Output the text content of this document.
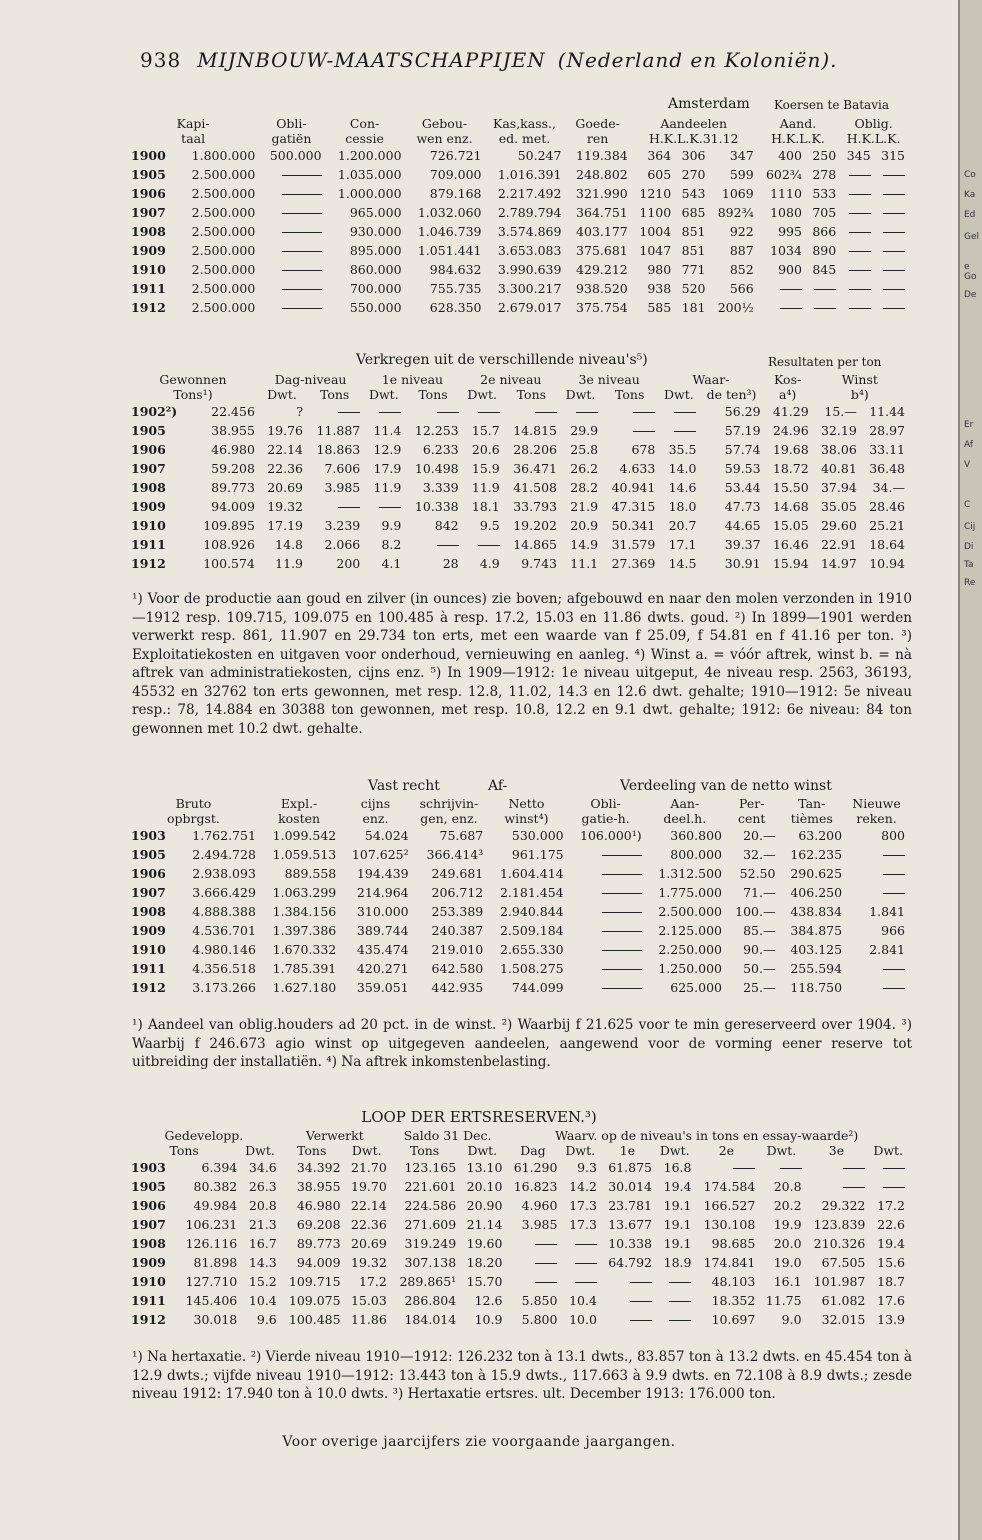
938 MIJNBOUW-MAATSCHAPPIJEN (Nederland en Koloniën).
Amsterdam Koersen te Batavia
Kapi-		Obli-	Con-	Gebou-	Kas,kass.,	Goede-	Aandeelen			Aand.		Oblig.	
taal		gatiën	cessie	wen enz.	ed. met.	ren	H.K.L.K.31.12			H.K.L.K.		H.K.L.K.	
1900	1.800.000	500.000	1.200.000	726.721	50.247	119.384	364	306	347	400	250	345	315
1905	2.500.000		1.035.000	709.000	1.016.391	248.802	605	270	599	602¾	278		
1906	2.500.000		1.000.000	879.168	2.217.492	321.990	1210	543	1069	1110	533		
1907	2.500.000		965.000	1.032.060	2.789.794	364.751	1100	685	892¾	1080	705		
1908	2.500.000		930.000	1.046.739	3.574.869	403.177	1004	851	922	995	866		
1909	2.500.000		895.000	1.051.441	3.653.083	375.681	1047	851	887	1034	890		
1910	2.500.000		860.000	984.632	3.990.639	429.212	980	771	852	900	845		
1911	2.500.000		700.000	755.735	3.300.217	938.520	938	520	566				
1912	2.500.000		550.000	628.350	2.679.017	375.754	585	181	200½				
Verkregen uit de verschillende niveau's⁵)	Resultaten per ton
Gewonnen		Dag-niveau		1e niveau		2e niveau		3e niveau		Waar-		Kos-	Winst	
Tons¹)		Dwt.	Tons	Dwt.	Tons	Dwt.	Tons	Dwt.	Tons	Dwt.	de ten³)	a⁴)	b⁴)	
1902²)	22.456	?									56.29	41.29	15.—	11.44
1905	38.955	19.76	11.887	11.4	12.253	15.7	14.815	29.9			57.19	24.96	32.19	28.97
1906	46.980	22.14	18.863	12.9	6.233	20.6	28.206	25.8	678	35.5	57.74	19.68	38.06	33.11
1907	59.208	22.36	7.606	17.9	10.498	15.9	36.471	26.2	4.633	14.0	59.53	18.72	40.81	36.48
1908	89.773	20.69	3.985	11.9	3.339	11.9	41.508	28.2	40.941	14.6	53.44	15.50	37.94	34.—
1909	94.009	19.32			10.338	18.1	33.793	21.9	47.315	18.0	47.73	14.68	35.05	28.46
1910	109.895	17.19	3.239	9.9	842	9.5	19.202	20.9	50.341	20.7	44.65	15.05	29.60	25.21
1911	108.926	14.8	2.066	8.2			14.865	14.9	31.579	17.1	39.37	16.46	22.91	18.64
1912	100.574	11.9	200	4.1	28	4.9	9.743	11.1	27.369	14.5	30.91	15.94	14.97	10.94
¹) Voor de productie aan goud en zilver (in ounces) zie boven; afgebouwd en naar den molen verzonden in 1910—1912 resp. 109.715, 109.075 en 100.485 à resp. 17.2, 15.03 en 11.86 dwts. goud. ²) In 1899—1901 werden verwerkt resp. 861, 11.907 en 29.734 ton erts, met een waarde van f 25.09, f 54.81 en f 41.16 per ton. ³) Exploitatiekosten en uitgaven voor onderhoud, vernieuwing en aanleg. ⁴) Winst a. = vóór aftrek, winst b. = nà aftrek van administratiekosten, cijns enz. ⁵) In 1909—1912: 1e niveau uitgeput, 4e niveau resp. 2563, 36193, 45532 en 32762 ton erts gewonnen, met resp. 12.8, 11.02, 14.3 en 12.6 dwt. gehalte; 1910—1912: 5e niveau resp.: 78, 14.884 en 30388 ton gewonnen, met resp. 10.8, 12.2 en 9.1 dwt. gehalte; 1912: 6e niveau: 84 ton gewonnen met 10.2 dwt. gehalte.
Vast recht	Af-	Verdeeling van de netto winst
Bruto		Expl.-	cijns	schrijvin-	Netto	Obli-	Aan-	Per-	Tan-	Nieuwe
opbrgst.		kosten	enz.	gen, enz.	winst⁴)	gatie-h.	deel.h.	cent	tièmes	reken.
1903	1.762.751	1.099.542	54.024	75.687	530.000	106.000¹)	360.800	20.—	63.200	800
1905	2.494.728	1.059.513	107.625²	366.414³	961.175		800.000	32.—	162.235	
1906	2.938.093	889.558	194.439	249.681	1.604.414		1.312.500	52.50	290.625	
1907	3.666.429	1.063.299	214.964	206.712	2.181.454		1.775.000	71.—	406.250	
1908	4.888.388	1.384.156	310.000	253.389	2.940.844		2.500.000	100.—	438.834	1.841
1909	4.536.701	1.397.386	389.744	240.387	2.509.184		2.125.000	85.—	384.875	966
1910	4.980.146	1.670.332	435.474	219.010	2.655.330		2.250.000	90.—	403.125	2.841
1911	4.356.518	1.785.391	420.271	642.580	1.508.275		1.250.000	50.—	255.594	
1912	3.173.266	1.627.180	359.051	442.935	744.099		625.000	25.—	118.750	
¹) Aandeel van oblig.houders ad 20 pct. in de winst. ²) Waarbij f 21.625 voor te min gereserveerd over 1904. ³) Waarbij f 246.673 agio winst op uitgegeven aandeelen, aangewend voor de vorming eener reserve tot uitbreiding der installatiën. ⁴) Na aftrek inkomstenbelasting.
LOOP DER ERTSRESERVEN.³)
Gedevelopp.			Verwerkt		Saldo 31 Dec.		Waarv. op de niveau's in tons en essay-waarde²)							
Tons		Dwt.	Tons	Dwt.	Tons	Dwt.	Dag	Dwt.	1e	Dwt.	2e	Dwt.	3e	Dwt.
1903	6.394	34.6	34.392	21.70	123.165	13.10	61.290	9.3	61.875	16.8				
1905	80.382	26.3	38.955	19.70	221.601	20.10	16.823	14.2	30.014	19.4	174.584	20.8		
1906	49.984	20.8	46.980	22.14	224.586	20.90	4.960	17.3	23.781	19.1	166.527	20.2	29.322	17.2
1907	106.231	21.3	69.208	22.36	271.609	21.14	3.985	17.3	13.677	19.1	130.108	19.9	123.839	22.6
1908	126.116	16.7	89.773	20.69	319.249	19.60			10.338	19.1	98.685	20.0	210.326	19.4
1909	81.898	14.3	94.009	19.32	307.138	18.20			64.792	18.9	174.841	19.0	67.505	15.6
1910	127.710	15.2	109.715	17.2	289.865¹	15.70					48.103	16.1	101.987	18.7
1911	145.406	10.4	109.075	15.03	286.804	12.6	5.850	10.4			18.352	11.75	61.082	17.6
1912	30.018	9.6	100.485	11.86	184.014	10.9	5.800	10.0			10.697	9.0	32.015	13.9
¹) Na hertaxatie. ²) Vierde niveau 1910—1912: 126.232 ton à 13.1 dwts., 83.857 ton à 13.2 dwts. en 45.454 ton à 12.9 dwts.; vijfde niveau 1910—1912: 13.443 ton à 15.9 dwts., 117.663 à 9.9 dwts. en 72.108 à 8.9 dwts.; zesde niveau 1912: 17.940 ton à 10.0 dwts. ³) Hertaxatie ertsres. ult. December 1913: 176.000 ton.
Voor overige jaarcijfers zie voorgaande jaargangen.
Co
Ka
Ed
Gel
e
Go
De
Er
Af
V
C
Cij
Di
Ta
Re
